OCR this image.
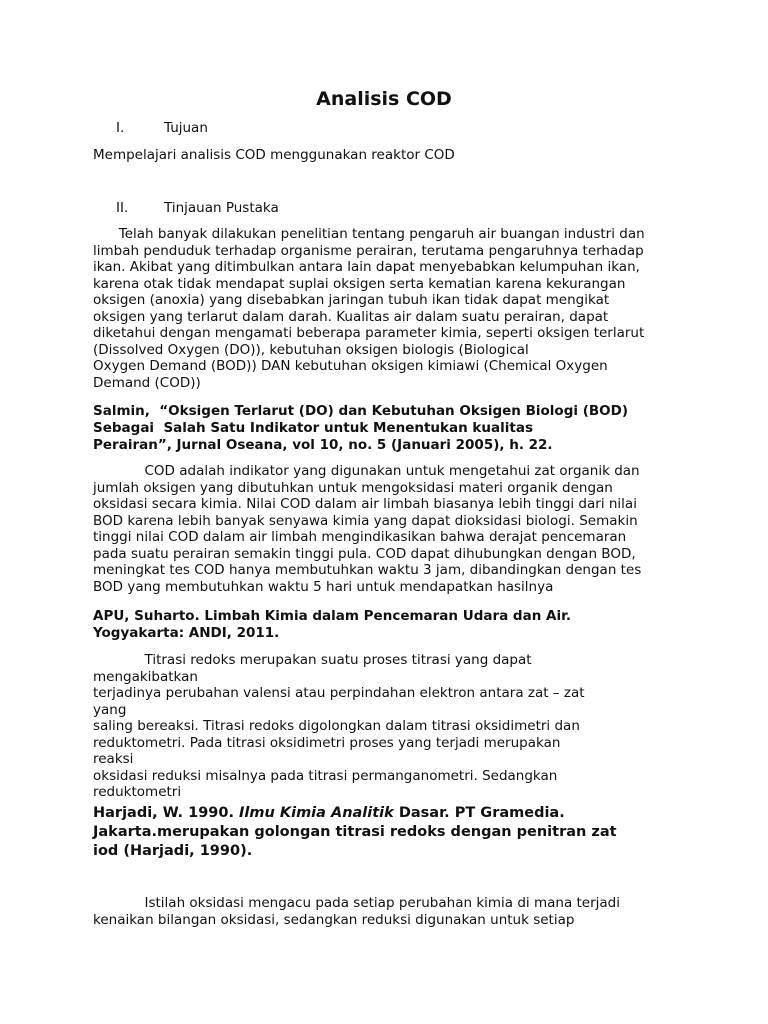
Analisis COD
I.	Tujuan
Mempelajari analisis COD menggunakan reaktor COD
II.	Tinjauan Pustaka
Telah banyak dilakukan penelitian tentang pengaruh air buangan industri dan
limbah penduduk terhadap organisme perairan, terutama pengaruhnya terhadap
ikan. Akibat yang ditimbulkan antara lain dapat menyebabkan kelumpuhan ikan,
karena otak tidak mendapat suplai oksigen serta kematian karena kekurangan
oksigen (anoxia) yang disebabkan jaringan tubuh ikan tidak dapat mengikat
oksigen yang terlarut dalam darah. Kualitas air dalam suatu perairan, dapat
diketahui dengan mengamati beberapa parameter kimia, seperti oksigen terlarut
(Dissolved Oxygen (DO)), kebutuhan oksigen biologis (Biological
Oxygen Demand (BOD)) DAN kebutuhan oksigen kimiawi (Chemical Oxygen
Demand (COD))
Salmin,  “Oksigen Terlarut (DO) dan Kebutuhan Oksigen Biologi (BOD)
Sebagai  Salah Satu Indikator untuk Menentukan kualitas
Perairan”, Jurnal Oseana, vol 10, no. 5 (Januari 2005), h. 22.
COD adalah indikator yang digunakan untuk mengetahui zat organik dan
jumlah oksigen yang dibutuhkan untuk mengoksidasi materi organik dengan
oksidasi secara kimia. Nilai COD dalam air limbah biasanya lebih tinggi dari nilai
BOD karena lebih banyak senyawa kimia yang dapat dioksidasi biologi. Semakin
tinggi nilai COD dalam air limbah mengindikasikan bahwa derajat pencemaran
pada suatu perairan semakin tinggi pula. COD dapat dihubungkan dengan BOD,
meningkat tes COD hanya membutuhkan waktu 3 jam, dibandingkan dengan tes
BOD yang membutuhkan waktu 5 hari untuk mendapatkan hasilnya
APU, Suharto. Limbah Kimia dalam Pencemaran Udara dan Air.
Yogyakarta: ANDI, 2011.
Titrasi redoks merupakan suatu proses titrasi yang dapat
mengakibatkan
terjadinya perubahan valensi atau perpindahan elektron antara zat – zat
yang
saling bereaksi. Titrasi redoks digolongkan dalam titrasi oksidimetri dan
reduktometri. Pada titrasi oksidimetri proses yang terjadi merupakan
reaksi
oksidasi reduksi misalnya pada titrasi permanganometri. Sedangkan
reduktometri
Harjadi, W. 1990. Ilmu Kimia Analitik Dasar. PT Gramedia.
Jakarta.merupakan golongan titrasi redoks dengan penitran zat
iod (Harjadi, 1990).
Istilah oksidasi mengacu pada setiap perubahan kimia di mana terjadi
kenaikan bilangan oksidasi, sedangkan reduksi digunakan untuk setiap
